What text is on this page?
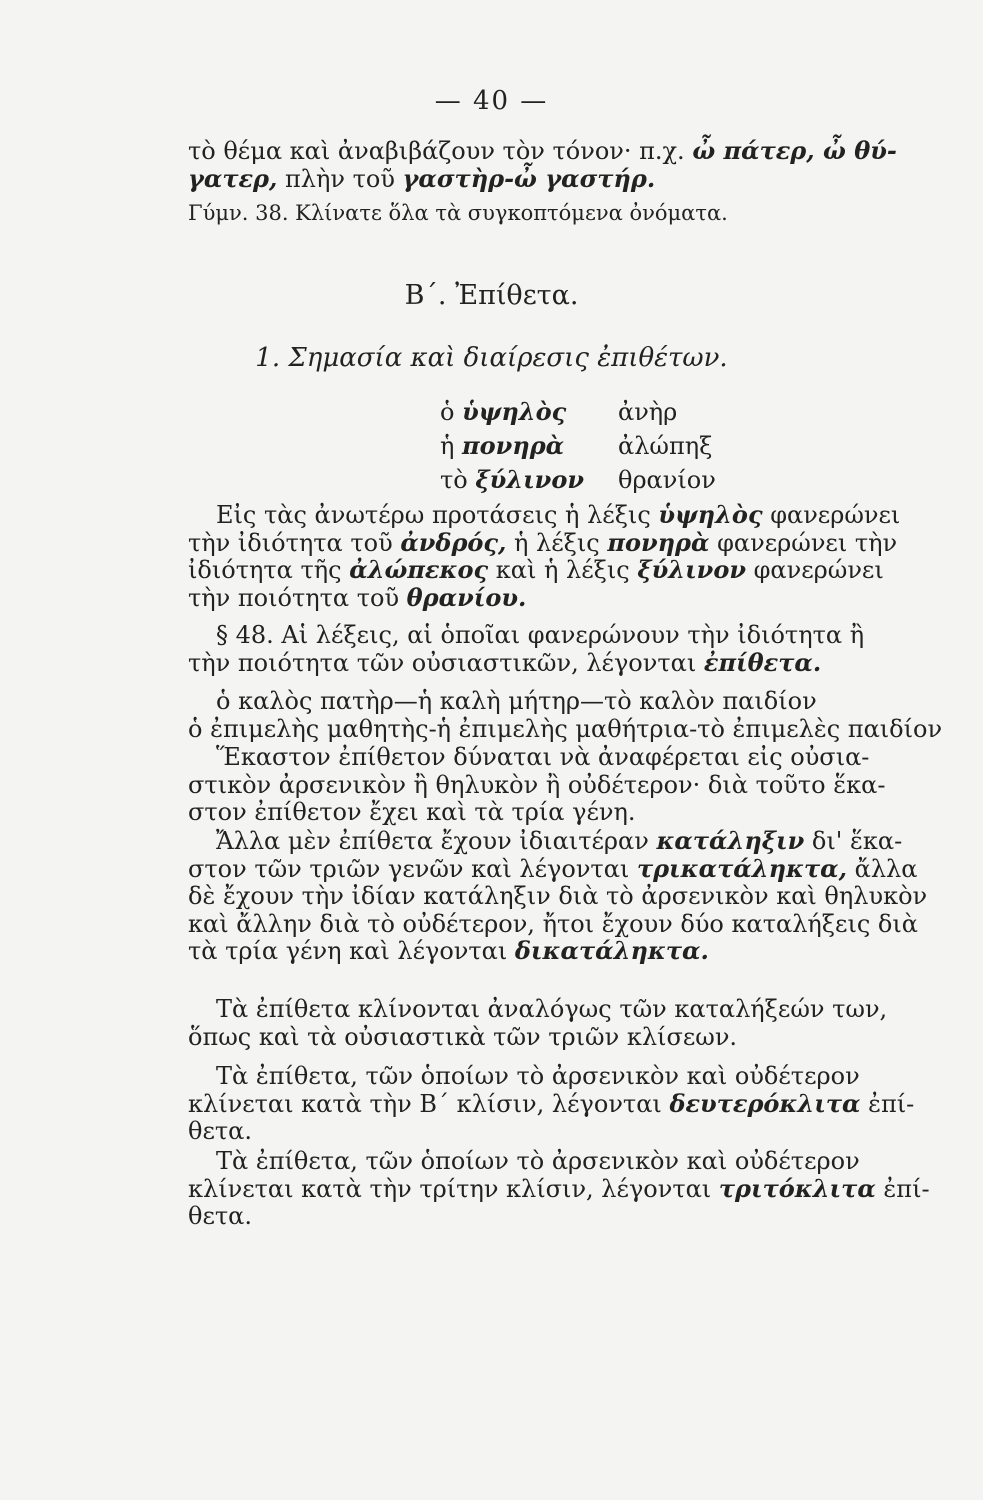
— 40 —
τὸ θέμα καὶ ἀναβιβάζουν τὸν τόνον· π.χ. ὦ πάτερ, ὦ θύ-
γατερ, πλὴν τοῦ γαστὴρ-ὦ γαστήρ.
Γύμν. 38. Κλίνατε ὅλα τὰ συγκοπτόμενα ὀνόματα.
Β΄. Ἐπίθετα.
1. Σημασία καὶ διαίρεσις ἐπιθέτων.
ὁ ὑψηλὸς ἀνὴρ
ἡ πονηρὰ ἀλώπηξ
τὸ ξύλινον θρανίον
Εἰς τὰς ἀνωτέρω προτάσεις ἡ λέξις ὑψηλὸς φανερώνει
τὴν ἰδιότητα τοῦ ἀνδρός, ἡ λέξις πονηρὰ φανερώνει τὴν
ἰδιότητα τῆς ἀλώπεκος καὶ ἡ λέξις ξύλινον φανερώνει
τὴν ποιότητα τοῦ θρανίου.
§ 48. Αἱ λέξεις, αἱ ὁποῖαι φανερώνουν τὴν ἰδιότητα ἢ
τὴν ποιότητα τῶν οὐσιαστικῶν, λέγονται ἐπίθετα.
ὁ καλὸς πατὴρ—ἡ καλὴ μήτηρ—τὸ καλὸν παιδίον
ὁ ἐπιμελὴς μαθητὴς-ἡ ἐπιμελὴς μαθήτρια-τὸ ἐπιμελὲς παιδίον
Ἕκαστον ἐπίθετον δύναται νὰ ἀναφέρεται εἰς οὐσια-
στικὸν ἀρσενικὸν ἢ θηλυκὸν ἢ οὐδέτερον· διὰ τοῦτο ἕκα-
στον ἐπίθετον ἔχει καὶ τὰ τρία γένη.
Ἄλλα μὲν ἐπίθετα ἔχουν ἰδιαιτέραν κατάληξιν δι' ἕκα-
στον τῶν τριῶν γενῶν καὶ λέγονται τρικατάληκτα, ἄλλα
δὲ ἔχουν τὴν ἰδίαν κατάληξιν διὰ τὸ ἀρσενικὸν καὶ θηλυκὸν
καὶ ἄλλην διὰ τὸ οὐδέτερον, ἤτοι ἔχουν δύο καταλήξεις διὰ
τὰ τρία γένη καὶ λέγονται δικατάληκτα.
Τὰ ἐπίθετα κλίνονται ἀναλόγως τῶν καταλήξεών των,
ὅπως καὶ τὰ οὐσιαστικὰ τῶν τριῶν κλίσεων.
Τὰ ἐπίθετα, τῶν ὁποίων τὸ ἀρσενικὸν καὶ οὐδέτερον
κλίνεται κατὰ τὴν Β΄ κλίσιν, λέγονται δευτερόκλιτα ἐπί-
θετα.
Τὰ ἐπίθετα, τῶν ὁποίων τὸ ἀρσενικὸν καὶ οὐδέτερον
κλίνεται κατὰ τὴν τρίτην κλίσιν, λέγονται τριτόκλιτα ἐπί-
θετα.
